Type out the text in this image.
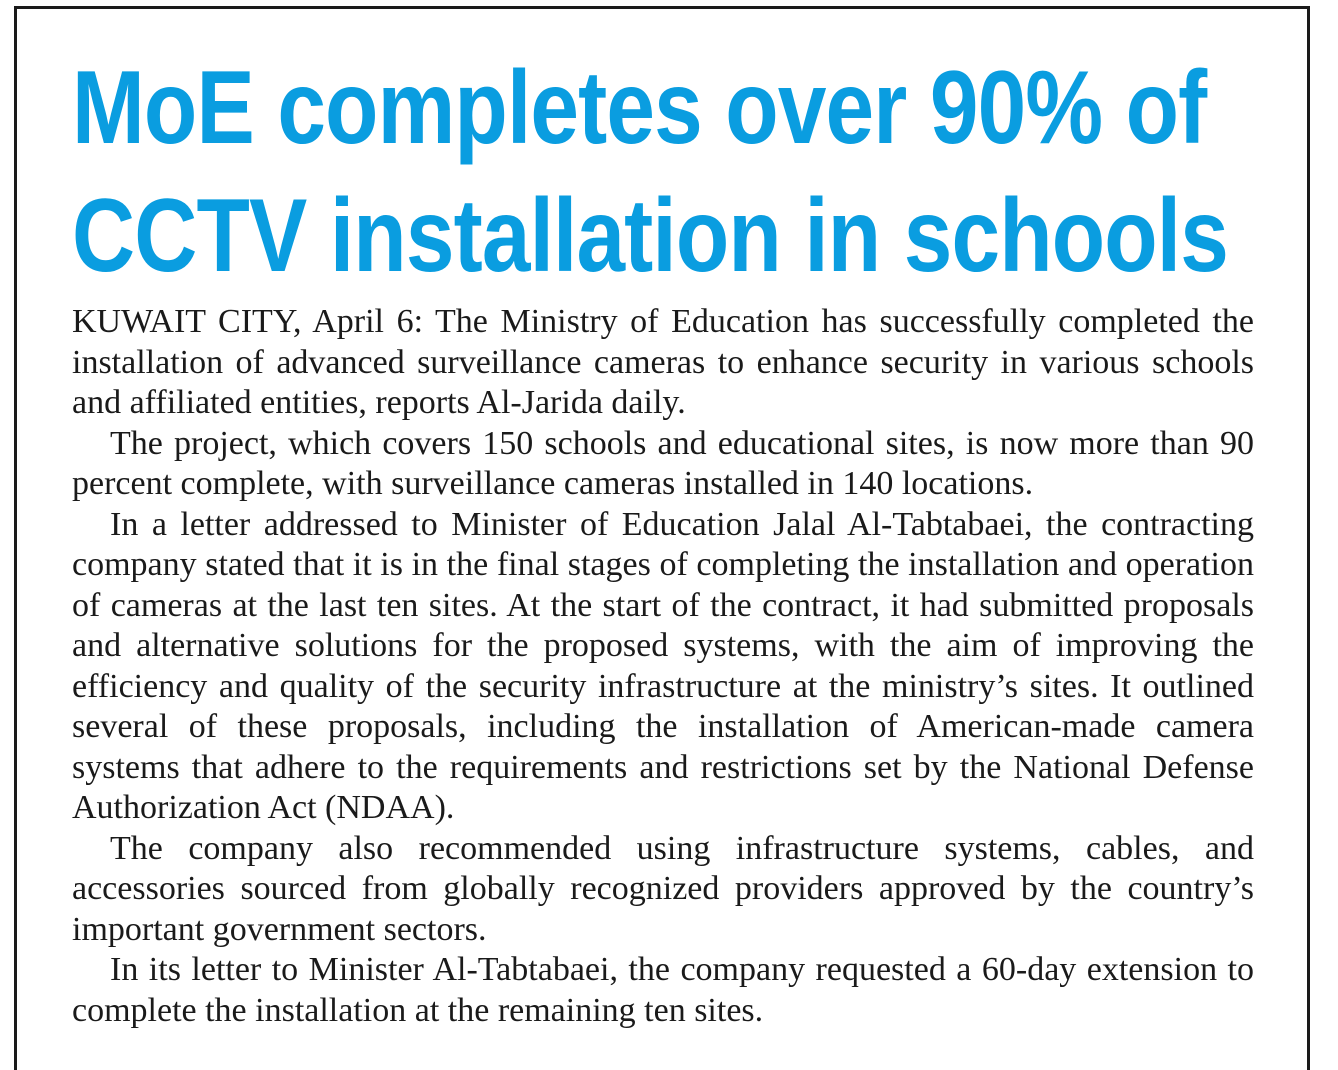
MoE completes over 90% of
CCTV installation in schools

KUWAIT CITY, April 6: The Ministry of Education has successfully completed the installation of advanced surveillance cameras to enhance security in various schools and affiliated entities, reports Al-Jarida daily.

The project, which covers 150 schools and educational sites, is now more than 90 percent complete, with surveillance cameras installed in 140 locations.

In a letter addressed to Minister of Education Jalal Al-Tabtabaei, the contracting company stated that it is in the final stages of completing the installation and operation of cameras at the last ten sites. At the start of the contract, it had submitted proposals and alternative solutions for the proposed systems, with the aim of improving the efficiency and quality of the security infrastructure at the ministry’s sites. It outlined several of these proposals, including the installation of American-made camera systems that adhere to the requirements and restrictions set by the National Defense Authorization Act (NDAA).

The company also recommended using infrastructure systems, cables, and accessories sourced from globally recognized providers approved by the country’s important government sectors.

In its letter to Minister Al-Tabtabaei, the company requested a 60-day extension to complete the installation at the remaining ten sites.
